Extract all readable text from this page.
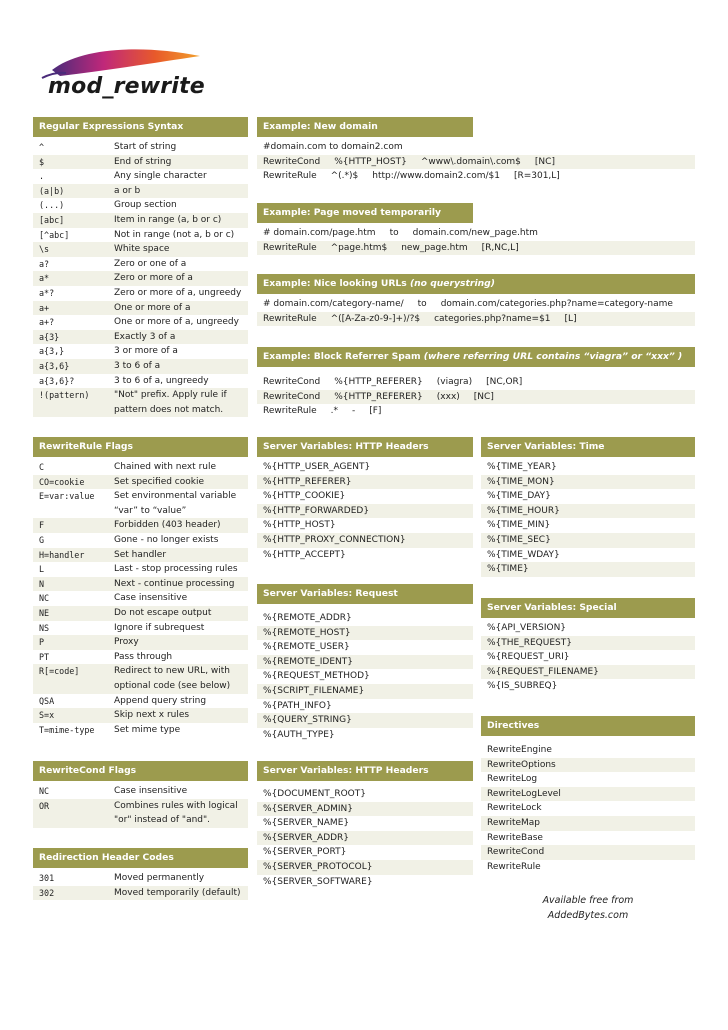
mod_rewrite
Regular Expressions Syntax
^	Start of string
$	End of string
.	Any single character
(a|b)	a or b
(...)	Group section
[abc]	Item in range (a, b or c)
[^abc]	Not in range (not a, b or c)
\s	White space
a?	Zero or one of a
a*	Zero or more of a
a*?	Zero or more of a, ungreedy
a+	One or more of a
a+?	One or more of a, ungreedy
a{3}	Exactly 3 of a
a{3,}	3 or more of a
a{3,6}	3 to 6 of a
a{3,6}?	3 to 6 of a, ungreedy
!(pattern)	"Not" prefix. Apply rule if
pattern does not match.
RewriteRule Flags
C	Chained with next rule
CO=cookie	Set specified cookie
E=var:value	Set environmental variable
“var” to “value”
F	Forbidden (403 header)
G	Gone - no longer exists
H=handler	Set handler
L	Last - stop processing rules
N	Next - continue processing
NC	Case insensitive
NE	Do not escape output
NS	Ignore if subrequest
P	Proxy
PT	Pass through
R[=code]	Redirect to new URL, with
optional code (see below)
QSA	Append query string
S=x	Skip next x rules
T=mime-type	Set mime type
RewriteCond Flags
NC	Case insensitive
OR	Combines rules with logical
"or" instead of "and".
Redirection Header Codes
301	Moved permanently
302	Moved temporarily (default)
Example: New domain
#domain.com to domain2.com
RewriteCond %{HTTP_HOST} ^www\.domain\.com$ [NC]
RewriteRule ^(.*)$ http://www.domain2.com/$1 [R=301,L]
Example: Page moved temporarily
# domain.com/page.htm to domain.com/new_page.htm
RewriteRule ^page.htm$ new_page.htm [R,NC,L]
Example: Nice looking URLs (no querystring)
# domain.com/category-name/ to domain.com/categories.php?name=category-name
RewriteRule ^([A-Za-z0-9-]+)/?$ categories.php?name=$1 [L]
Example: Block Referrer Spam (where referring URL contains “viagra” or “xxx” )
RewriteCond %{HTTP_REFERER} (viagra) [NC,OR]
RewriteCond %{HTTP_REFERER} (xxx) [NC]
RewriteRule .* - [F]
Server Variables: HTTP Headers
%{HTTP_USER_AGENT}
%{HTTP_REFERER}
%{HTTP_COOKIE}
%{HTTP_FORWARDED}
%{HTTP_HOST}
%{HTTP_PROXY_CONNECTION}
%{HTTP_ACCEPT}
Server Variables: Request
%{REMOTE_ADDR}
%{REMOTE_HOST}
%{REMOTE_USER}
%{REMOTE_IDENT}
%{REQUEST_METHOD}
%{SCRIPT_FILENAME}
%{PATH_INFO}
%{QUERY_STRING}
%{AUTH_TYPE}
Server Variables: HTTP Headers
%{DOCUMENT_ROOT}
%{SERVER_ADMIN}
%{SERVER_NAME}
%{SERVER_ADDR}
%{SERVER_PORT}
%{SERVER_PROTOCOL}
%{SERVER_SOFTWARE}
Server Variables: Time
%{TIME_YEAR}
%{TIME_MON}
%{TIME_DAY}
%{TIME_HOUR}
%{TIME_MIN}
%{TIME_SEC}
%{TIME_WDAY}
%{TIME}
Server Variables: Special
%{API_VERSION}
%{THE_REQUEST}
%{REQUEST_URI}
%{REQUEST_FILENAME}
%{IS_SUBREQ}
Directives
RewriteEngine
RewriteOptions
RewriteLog
RewriteLogLevel
RewriteLock
RewriteMap
RewriteBase
RewriteCond
RewriteRule
Available free from
AddedBytes.com
